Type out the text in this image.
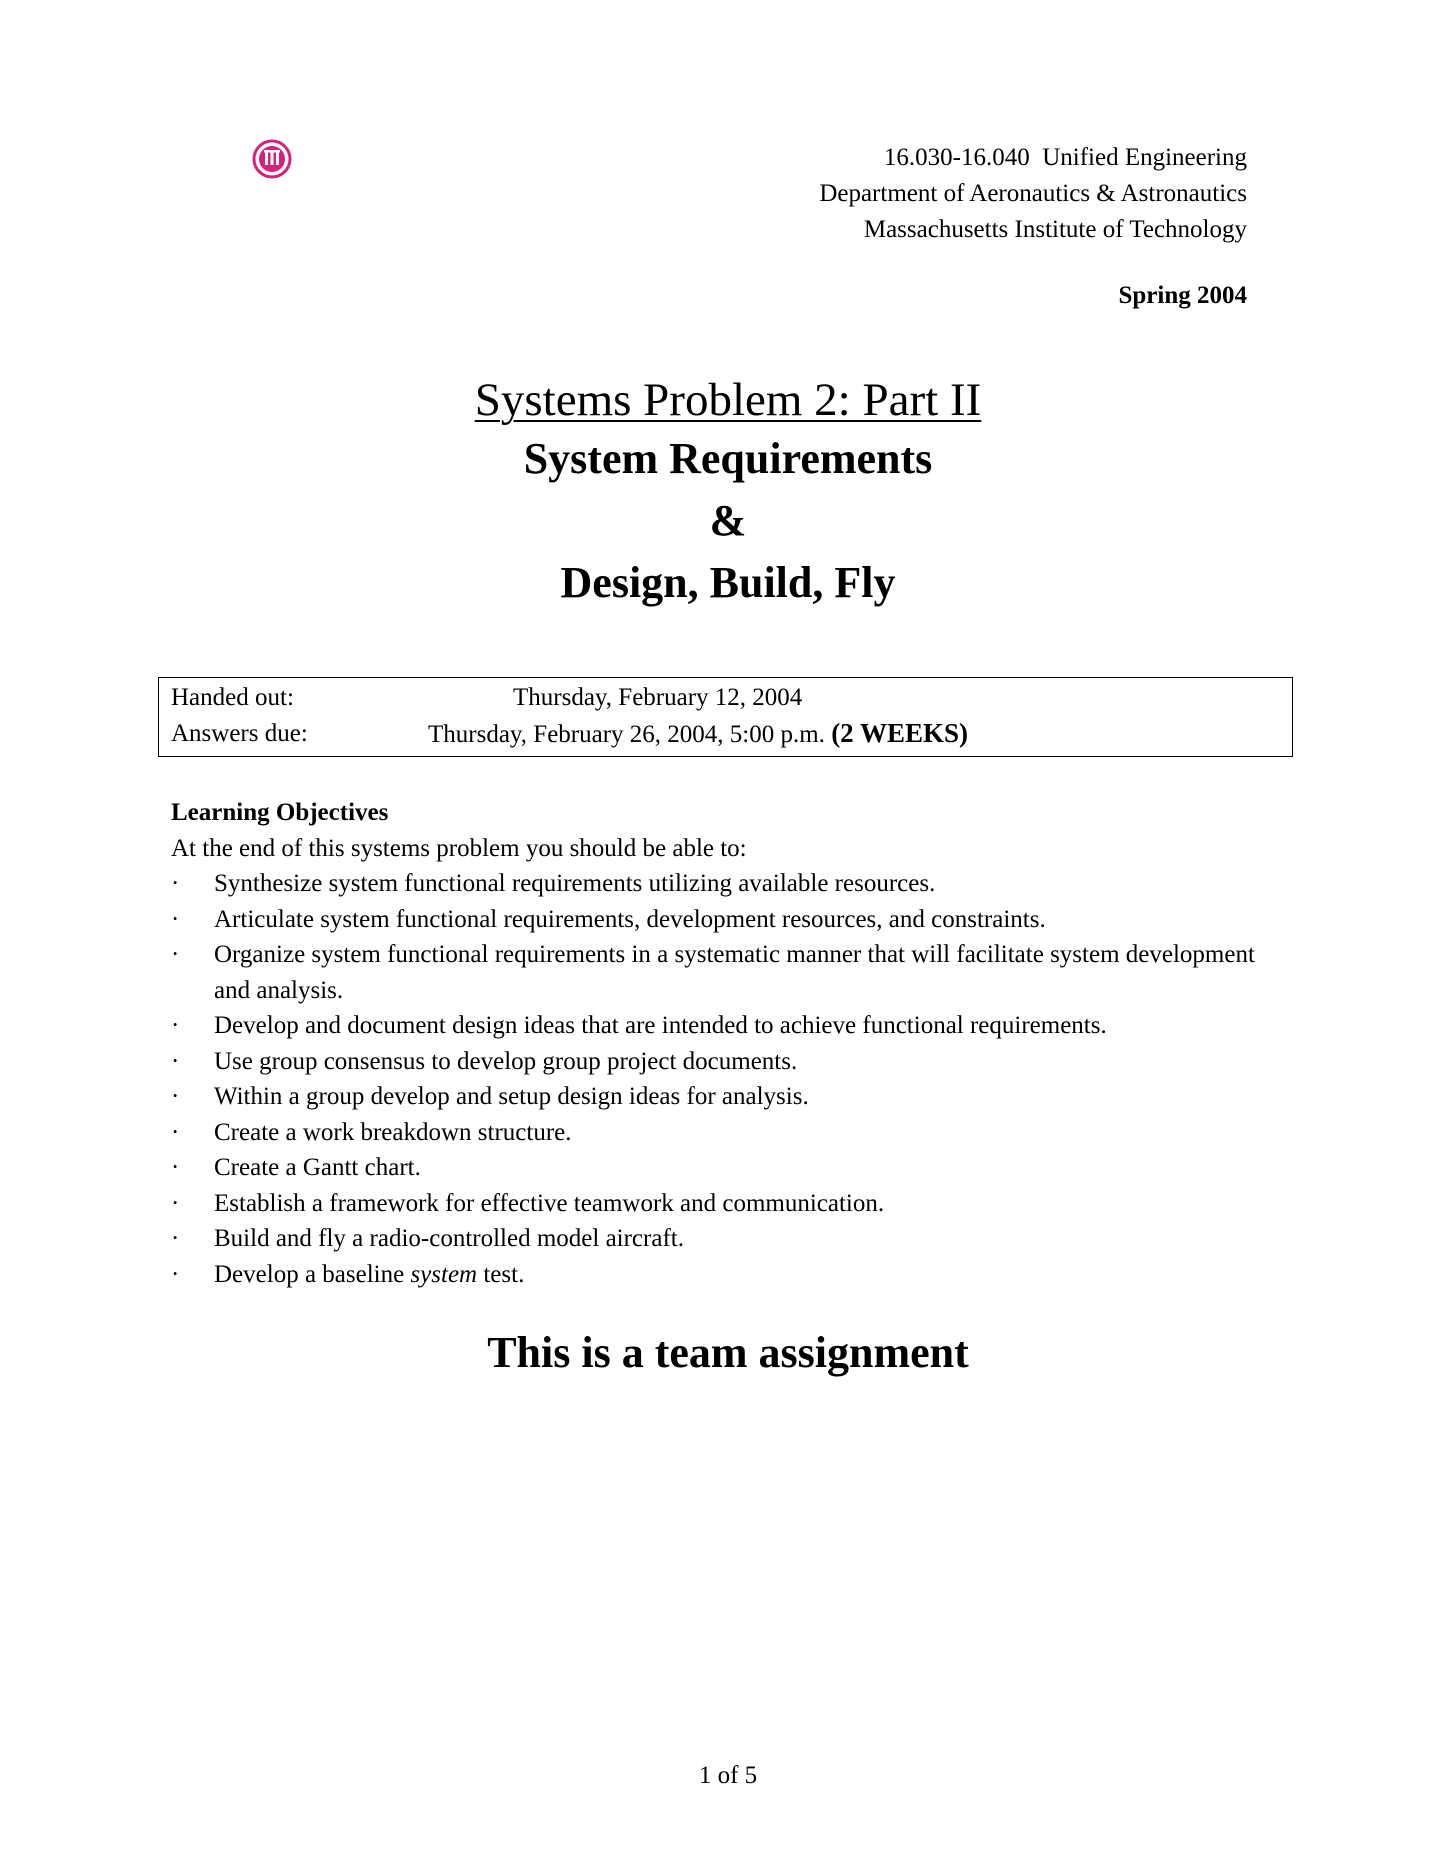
16.030-16.040  Unified Engineering
Department of Aeronautics & Astronautics
Massachusetts Institute of Technology
Spring 2004
Systems Problem 2: Part II
System Requirements
&
Design, Build, Fly
Handed out:	Thursday, February 12, 2004
Answers due:	Thursday, February 26, 2004, 5:00 p.m. (2 WEEKS)
Learning Objectives
At the end of this systems problem you should be able to:
· Synthesize system functional requirements utilizing available resources.
· Articulate system functional requirements, development resources, and constraints.
· Organize system functional requirements in a systematic manner that will facilitate system development and analysis.
· Develop and document design ideas that are intended to achieve functional requirements.
· Use group consensus to develop group project documents.
· Within a group develop and setup design ideas for analysis.
· Create a work breakdown structure.
· Create a Gantt chart.
· Establish a framework for effective teamwork and communication.
· Build and fly a radio-controlled model aircraft.
· Develop a baseline system test.
This is a team assignment
1 of 5
